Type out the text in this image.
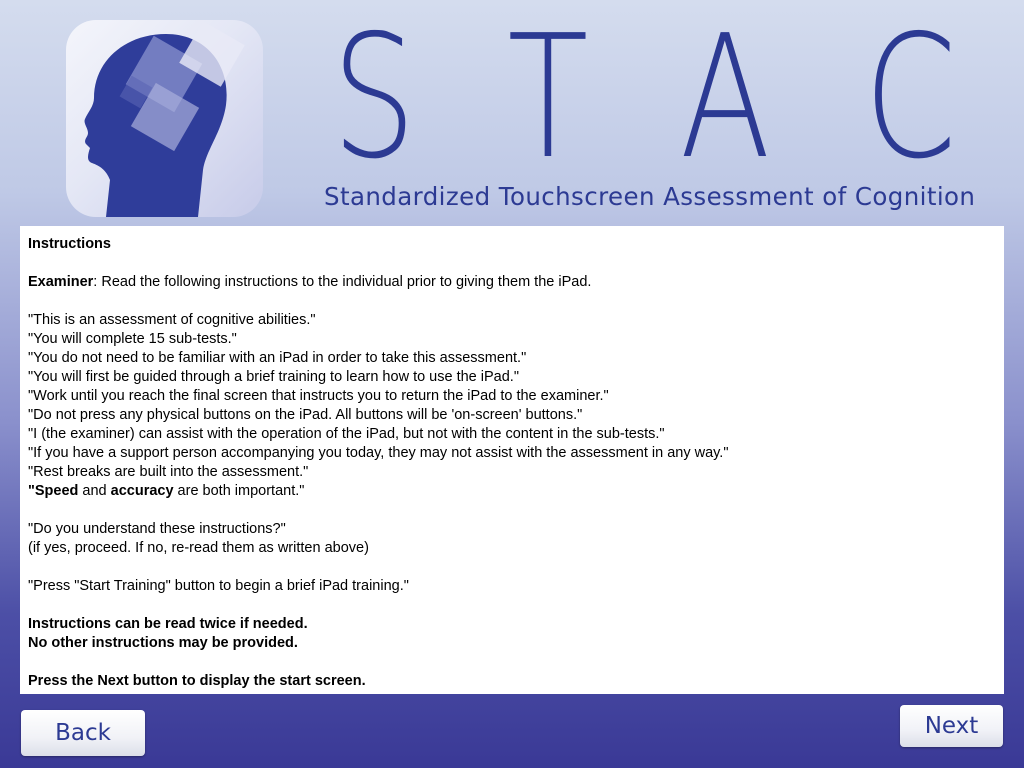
S T A C
Standardized Touchscreen Assessment of Cognition

Instructions

Examiner: Read the following instructions to the individual prior to giving them the iPad.

"This is an assessment of cognitive abilities."

"You will complete 15 sub-tests."

"You do not need to be familiar with an iPad in order to take this assessment."

"You will first be guided through a brief training to learn how to use the iPad."

"Work until you reach the final screen that instructs you to return the iPad to the examiner."

"Do not press any physical buttons on the iPad. All buttons will be 'on-screen' buttons."

"I (the examiner) can assist with the operation of the iPad, but not with the content in the sub-tests."

"If you have a support person accompanying you today, they may not assist with the assessment in any way."

"Rest breaks are built into the assessment."

"Speed and accuracy are both important."

"Do you understand these instructions?"

(if yes, proceed. If no, re-read them as written above)

"Press "Start Training" button to begin a brief iPad training."

Instructions can be read twice if needed.

No other instructions may be provided.

Press the Next button to display the start screen.

Back	Next
